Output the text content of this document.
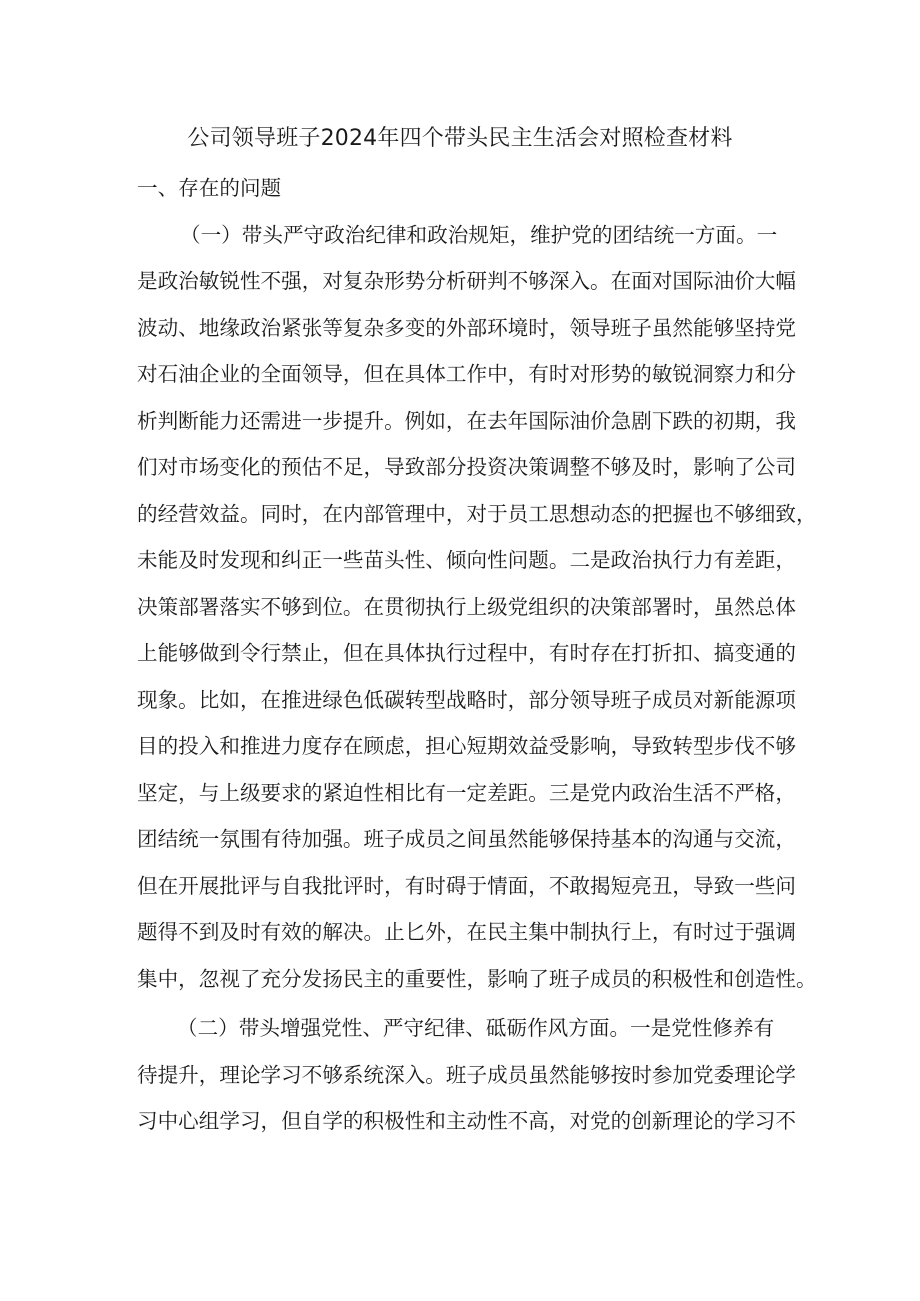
公司领导班子2024年四个带头民主生活会对照检查材料

一、存在的问题

（一）带头严守政治纪律和政治规矩，维护党的团结统一方面。一

是政治敏锐性不强，对复杂形势分析研判不够深入。在面对国际油价大幅

波动、地缘政治紧张等复杂多变的外部环境时，领导班子虽然能够坚持党

对石油企业的全面领导，但在具体工作中，有时对形势的敏锐洞察力和分

析判断能力还需进一步提升。例如，在去年国际油价急剧下跌的初期，我

们对市场变化的预估不足，导致部分投资决策调整不够及时，影响了公司

的经营效益。同时，在内部管理中，对于员工思想动态的把握也不够细致，

未能及时发现和纠正一些苗头性、倾向性问题。二是政治执行力有差距，

决策部署落实不够到位。在贯彻执行上级党组织的决策部署时，虽然总体

上能够做到令行禁止，但在具体执行过程中，有时存在打折扣、搞变通的

现象。比如，在推进绿色低碳转型战略时，部分领导班子成员对新能源项

目的投入和推进力度存在顾虑，担心短期效益受影响，导致转型步伐不够

坚定，与上级要求的紧迫性相比有一定差距。三是党内政治生活不严格，

团结统一氛围有待加强。班子成员之间虽然能够保持基本的沟通与交流，

但在开展批评与自我批评时，有时碍于情面，不敢揭短亮丑，导致一些问

题得不到及时有效的解决。止匕外，在民主集中制执行上，有时过于强调

集中，忽视了充分发扬民主的重要性，影响了班子成员的积极性和创造性。

（二）带头增强党性、严守纪律、砥砺作风方面。一是党性修养有

待提升，理论学习不够系统深入。班子成员虽然能够按时参加党委理论学

习中心组学习，但自学的积极性和主动性不高，对党的创新理论的学习不
